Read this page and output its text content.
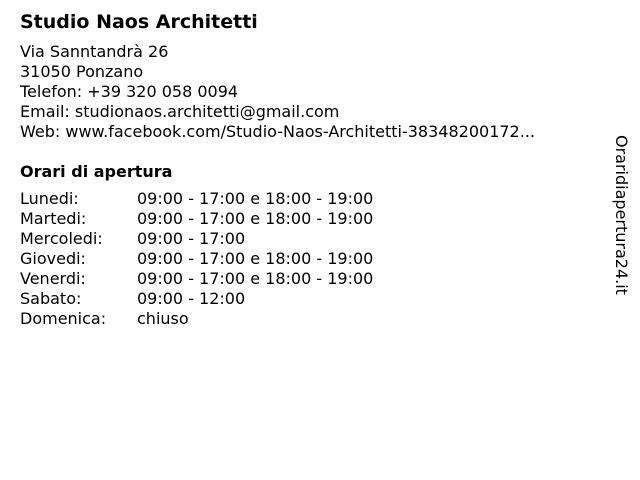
Studio Naos Architetti
Via Sanntandrà 26
31050 Ponzano
Telefon: +39 320 058 0094
Email: studionaos.architetti@gmail.com
Web: www.facebook.com/Studio-Naos-Architetti-38348200172...
Orari di apertura
Lunedi:	09:00 - 17:00 e 18:00 - 19:00
Martedi:	09:00 - 17:00 e 18:00 - 19:00
Mercoledi:	09:00 - 17:00
Giovedi:	09:00 - 17:00 e 18:00 - 19:00
Venerdi:	09:00 - 17:00 e 18:00 - 19:00
Sabato:	09:00 - 12:00
Domenica:	chiuso
Oraridiapertura24.it
